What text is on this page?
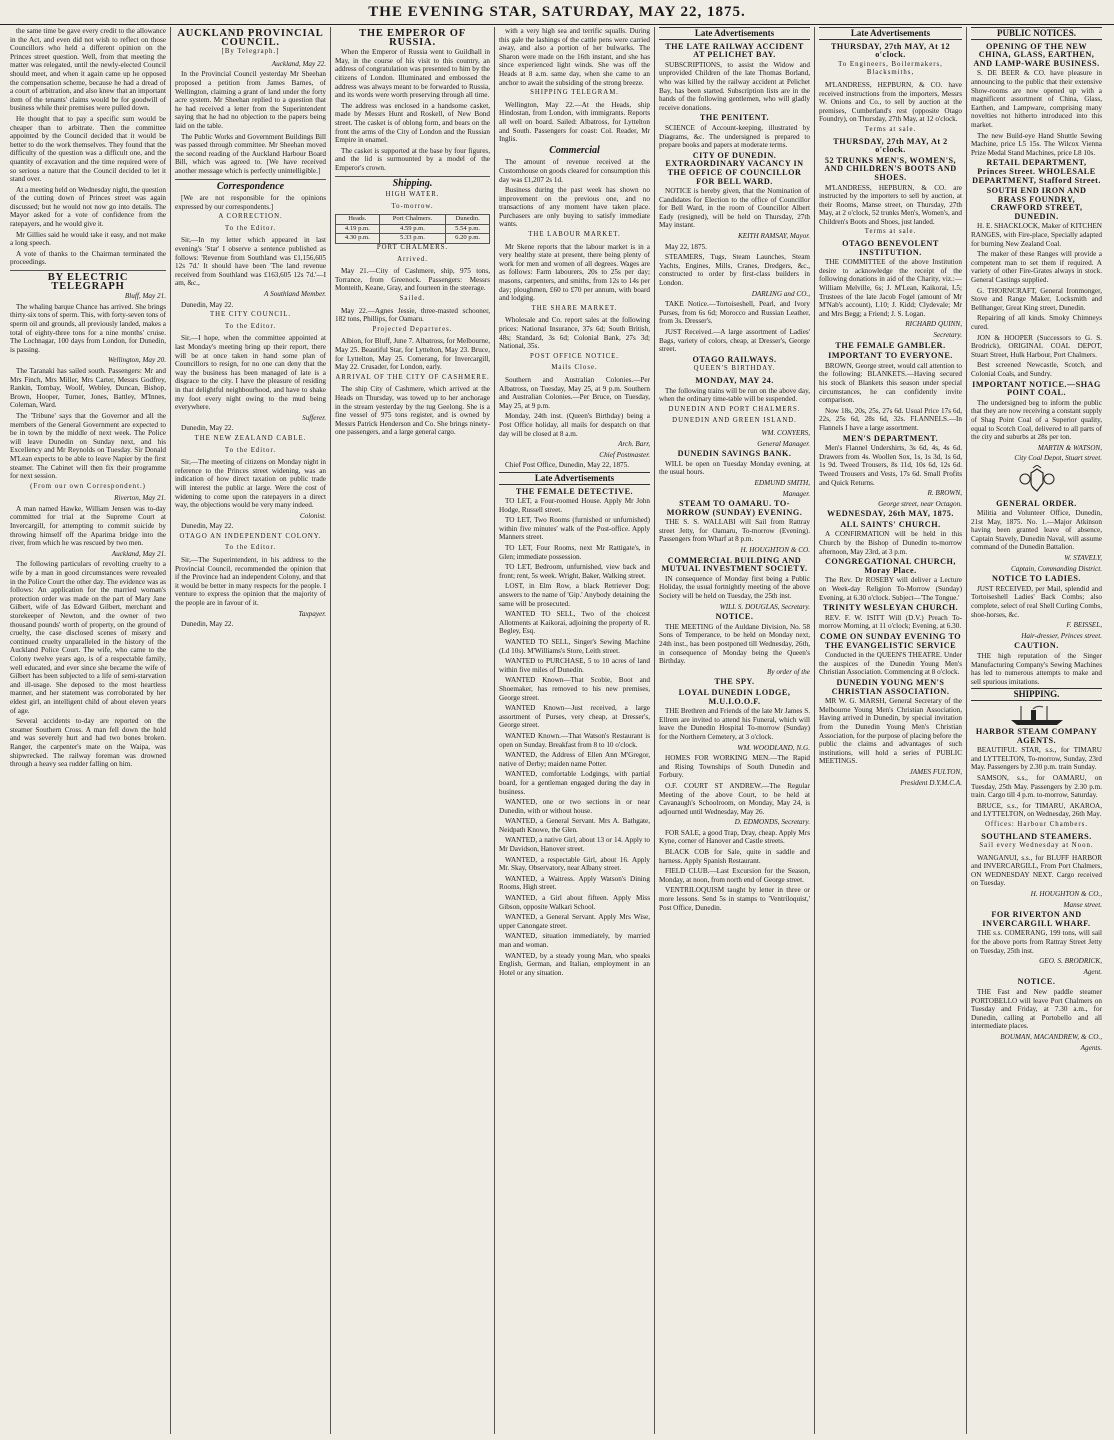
THE EVENING STAR, SATURDAY, MAY 22, 1875.

the same time be gave every credit to the allowance in the Act, and even did not wish to reflect on those Councillors who held a different opinion on the Princes street question. Well, from that meeting the matter was relegated, until the newly-elected Council should meet, and when it again came up he opposed the compensation scheme, because he had a dread of a court of arbitration, and also knew that an important item of the tenants' claims would be for goodwill of business while their premises were pulled down.

He thought that to pay a specific sum would be cheaper than to arbitrate. Then the committee appointed by the Council decided that it would be better to do the work themselves. They found that the difficulty of the question was a difficult one, and the quantity of excavation and the time required were of so serious a nature that the Council decided to let it stand over.

At a meeting held on Wednesday night, the question of the cutting down of Princes street was again discussed; but he would not now go into details. The Mayor asked for a vote of confidence from the ratepayers, and he would give it.

Mr Gillies said he would take it easy, and not make a long speech.

A vote of thanks to the Chairman terminated the proceedings.

BY ELECTRIC TELEGRAPH

Bluff, May 21.

The whaling barque Chance has arrived. She brings thirty-six tons of sperm. This, with forty-seven tons of sperm oil and grounds, all previously landed, makes a total of eighty-three tons for a nine months' cruise. The Lochnagar, 100 days from London, for Dunedin, is passing.

Wellington, May 20.

The Taranaki has sailed south. Passengers: Mr and Mrs Finch, Mrs Miller, Mrs Carter, Messrs Godfrey, Rankin, Tombay, Woolf, Webley, Duncan, Bishop, Brown, Hooper, Turner, Jones, Battley, M'Innes, Coleman, Ward.

The 'Tribune' says that the Governor and all the members of the General Government are expected to be in town by the middle of next week. The Police will leave Dunedin on Sunday next, and his Excellency and Mr Reynolds on Tuesday. Sir Donald M'Lean expects to be able to leave Napier by the first steamer. The Cabinet will then fix their programme for next session.

(From our own Correspondent.)

Riverton, May 21.

A man named Hawke, William Jensen was to-day committed for trial at the Supreme Court at Invercargill, for attempting to commit suicide by throwing himself off the Aparima bridge into the river, from which he was rescued by two men.

Auckland, May 21.

The following particulars of revolting cruelty to a wife by a man in good circumstances were revealed in the Police Court the other day. The evidence was as follows: An application for the married woman's protection order was made on the part of Mary Jane Gilbert, wife of Jas Edward Gilbert, merchant and storekeeper of Newton, and the owner of two thousand pounds' worth of property, on the ground of cruelty, the case disclosed scenes of misery and continued cruelty unparalleled in the history of the Auckland Police Court. The wife, who came to the Colony twelve years ago, is of a respectable family, well educated, and ever since she became the wife of Gilbert has been subjected to a life of semi-starvation and ill-usage. She deposed to the most heartless manner, and her statement was corroborated by her eldest girl, an intelligent child of about eleven years of age.

Several accidents to-day are reported on the steamer Southern Cross. A man fell down the hold and was severely hurt and had two bones broken. Ranger, the carpenter's mate on the Waipa, was shipwrecked. The railway foreman was drowned through a heavy sea rudder falling on him.

AUCKLAND PROVINCIAL COUNCIL.
[By Telegraph.]

Auckland, May 22.

In the Provincial Council yesterday Mr Sheehan proposed a petition from James Barnes, of Wellington, claiming a grant of land under the forty acre system. Mr Sheehan replied to a question that he had received a letter from the Superintendent saying that he had no objection to the papers being laid on the table.

The Public Works and Government Buildings Bill was passed through committee. Mr Sheehan moved the second reading of the Auckland Harbour Board Bill, which was agreed to. [We have received another message which is perfectly unintelligible.]

Correspondence

[We are not responsible for the opinions expressed by our correspondents.]

A CORRECTION.
To the Editor.

Sir,—In my letter which appeared in last evening's 'Star' I observe a sentence published as follows: 'Revenue from Southland was £1,156,605 12s 7d.' It should have been 'The land revenue received from Southland was £163,605 12s 7d.'—I am, &c.,

A Southland Member.

Dunedin, May 22.

THE CITY COUNCIL.
To the Editor.

Sir,—I hope, when the committee appointed at last Monday's meeting bring up their report, there will be at once taken in hand some plan of Councillors to resign, for no one can deny that the way the business has been managed of late is a disgrace to the city. I have the pleasure of residing in that delightful neighbourhood, and have to shake my foot every night owing to the mud being everywhere.

Sufferer.

Dunedin, May 22.

THE NEW ZEALAND CABLE.
To the Editor.

Sir,—The meeting of citizens on Monday night in reference to the Princes street widening, was an indication of how direct taxation on public trade will interest the public at large. Were the cost of widening to come upon the ratepayers in a direct way, the objections would be very many indeed.

Colonist.

Dunedin, May 22.

OTAGO AN INDEPENDENT COLONY.
To the Editor.

Sir,—The Superintendent, in his address to the Provincial Council, recommended the opinion that if the Province had an independent Colony, and that it would be better in many respects for the people. I venture to express the opinion that the majority of the people are in favour of it.

Taxpayer.

Dunedin, May 22.

THE EMPEROR OF RUSSIA.

When the Emperor of Russia went to Guildhall in May, in the course of his visit to this country, an address of congratulation was presented to him by the citizens of London. Illuminated and embossed the address was always meant to be forwarded to Russia, and its words were worth preserving through all time.

The address was enclosed in a handsome casket, made by Messrs Hunt and Roskell, of New Bond street. The casket is of oblong form, and bears on the front the arms of the City of London and the Russian Empire in enamel.

The casket is supported at the base by four figures, and the lid is surmounted by a model of the Emperor's crown.

Shipping.
HIGH WATER.
To-morrow.
Heads.	Port Chalmers.	Dunedin.
4.19 p.m.	4.59 p.m.	5.54 p.m.
4.30 p.m.	5.33 p.m.	6.20 p.m.
PORT CHALMERS.
Arrived.

May 21.—City of Cashmere, ship, 975 tons, Torrance, from Greenock. Passengers: Messrs Monteith, Keane, Gray, and fourteen in the steerage.

Sailed.

May 22.—Agnes Jessie, three-masted schooner, 182 tons, Phillips, for Oamaru.

Projected Departures.

Albion, for Bluff, June 7. Albatross, for Melbourne, May 25. Beautiful Star, for Lyttelton, May 23. Bruce, for Lyttelton, May 25. Comerang, for Invercargill, May 22. Crusader, for London, early.

ARRIVAL OF THE CITY OF CASHMERE.

The ship City of Cashmere, which arrived at the Heads on Thursday, was towed up to her anchorage in the stream yesterday by the tug Geelong. She is a fine vessel of 975 tons register, and is owned by Messrs Patrick Henderson and Co. She brings ninety-one passengers, and a large general cargo.

with a very high sea and terrific squalls. During this gale the lashings of the cattle pens were carried away, and also a portion of her bulwarks. The Sharon were made on the 16th instant, and she has since experienced light winds. She was off the Heads at 8 a.m. same day, when she came to an anchor to await the subsiding of the strong breeze.

SHIPPING TELEGRAM.

Wellington, May 22.—At the Heads, ship Hindostan, from London, with immigrants. Reports all well on board. Sailed: Albatross, for Lyttelton and South. Passengers for coast: Col. Reader, Mr Inglis.

Commercial

The amount of revenue received at the Customhouse on goods cleared for consumption this day was £1,207 2s 1d.

Business during the past week has shown no improvement on the previous one, and no transactions of any moment have taken place. Purchasers are only buying to satisfy immediate wants.

THE LABOUR MARKET.

Mr Skene reports that the labour market is in a very healthy state at present, there being plenty of work for men and women of all degrees. Wages are as follows: Farm labourers, 20s to 25s per day; masons, carpenters, and smiths, from 12s to 14s per day; ploughmen, £60 to £70 per annum, with board and lodging.

THE SHARE MARKET.

Wholesale and Co. report sales at the following prices: National Insurance, 37s 6d; South British, 48s; Standard, 3s 6d; Colonial Bank, 27s 3d; National, 35s.

POST OFFICE NOTICE.
Mails Close.

Southern and Australian Colonies.—Per Albatross, on Tuesday, May 25, at 9 p.m. Southern and Australian Colonies.—Per Bruce, on Tuesday, May 25, at 9 p.m.

Monday, 24th inst. (Queen's Birthday) being a Post Office holiday, all mails for despatch on that day will be closed at 8 a.m.

Arch. Barr,

Chief Postmaster.

Chief Post Office, Dunedin, May 22, 1875.

Late Advertisements
THE FEMALE DETECTIVE.

TO LET, a Four-roomed House. Apply Mr John Hodge, Russell street.

TO LET, Two Rooms (furnished or unfurnished) within five minutes' walk of the Post-office. Apply Manners street.

TO LET, Four Rooms, next Mr Rattigate's, in Glen; immediate possession.

TO LET, Bedroom, unfurnished, view back and front; rent, 5s week. Wright, Baker, Walking street.

LOST, in Elm Row, a black Retriever Dog; answers to the name of 'Gip.' Anybody detaining the same will be prosecuted.

WANTED TO SELL, Two of the choicest Allotments at Kaikorai, adjoining the property of R. Begley, Esq.

WANTED TO SELL, Singer's Sewing Machine (Ld 10s). M'Williams's Store, Leith street.

WANTED to PURCHASE, 5 to 10 acres of land within five miles of Dunedin.

WANTED Known—That Scobie, Boot and Shoemaker, has removed to his new premises, George street.

WANTED Known—Just received, a large assortment of Purses, very cheap, at Dresser's, George street.

WANTED Known.—That Watson's Restaurant is open on Sunday. Breakfast from 8 to 10 o'clock.

WANTED, the Address of Ellen Ann M'Gregor, native of Derby; maiden name Potter.

WANTED, comfortable Lodgings, with partial board, for a gentleman engaged during the day in business.

WANTED, one or two sections in or near Dunedin, with or without house.

WANTED, a General Servant. Mrs A. Bathgate, Neidpath Knowe, the Glen.

WANTED, a native Girl, about 13 or 14. Apply to Mr Davidson, Hanover street.

WANTED, a respectable Girl, about 16. Apply Mr. Skay, Observatory, near Albany street.

WANTED, a Waitress. Apply Watson's Dining Rooms, High street.

WANTED, a Girl about fifteen. Apply Miss Gibson, opposite Walkari School.

WANTED, a General Servant. Apply Mrs Wise, upper Canongate street.

WANTED, situation immediately, by married man and woman.

WANTED, by a steady young Man, who speaks English, German, and Italian, employment in an Hotel or any situation.

Late Advertisements
THE LATE RAILWAY ACCIDENT AT PELICHET BAY.

SUBSCRIPTIONS, to assist the Widow and unprovided Children of the late Thomas Borland, who was killed by the railway accident at Pelichet Bay, has been started. Subscription lists are in the hands of the following gentlemen, who will gladly receive donations.

THE PENITENT.

SCIENCE of Account-keeping, illustrated by Diagrams, &c. The undersigned is prepared to prepare books and papers at moderate terms.

CITY OF DUNEDIN. EXTRAORDINARY VACANCY IN THE OFFICE OF COUNCILLOR FOR BELL WARD.

NOTICE is hereby given, that the Nomination of Candidates for Election to the office of Councillor for Bell Ward, in the room of Councillor Albert Eady (resigned), will be held on Thursday, 27th May instant.

KEITH RAMSAY, Mayor.

May 22, 1875.

STEAMERS, Tugs, Steam Launches, Steam Yachts, Engines, Mills, Cranes, Dredgers, &c., constructed to order by first-class builders in London.

DARLING and CO.,

TAKE Notice.—Tortoiseshell, Pearl, and Ivory Purses, from 6s 6d; Morocco and Russian Leather, from 3s. Dresser's.

JUST Received.—A large assortment of Ladies' Bags, variety of colors, cheap, at Dresser's, George street.

OTAGO RAILWAYS.
QUEEN'S BIRTHDAY.
MONDAY, MAY 24.

The following trains will be run on the above day, when the ordinary time-table will be suspended.

DUNEDIN AND PORT CHALMERS.
DUNEDIN AND GREEN ISLAND.

WM. CONYERS,

General Manager.

DUNEDIN SAVINGS BANK.

WILL be open on Tuesday Monday evening, at the usual hours.

EDMUND SMITH,

Manager.

STEAM TO OAMARU. TO-MORROW (SUNDAY) EVENING.

THE S. S. WALLABI will Sail from Rattray street Jetty, for Oamaru, To-morrow (Evening). Passengers from Wharf at 8 p.m.

H. HOUGHTON & CO.

COMMERCIAL BUILDING AND MUTUAL INVESTMENT SOCIETY.

IN consequence of Monday first being a Public Holiday, the usual fortnightly meeting of the above Society will be held on Tuesday, the 25th inst.

WILL S. DOUGLAS, Secretary.

NOTICE.

THE MEETING of the Auldane Division, No. 58 Sons of Temperance, to be held on Monday next, 24th inst., has been postponed till Wednesday, 26th, in consequence of Monday being the Queen's Birthday.

By order of the

THE SPY.
LOYAL DUNEDIN LODGE, M.U.I.O.O.F.

THE Brethren and Friends of the late Mr James S. Ellrem are invited to attend his Funeral, which will leave the Dunedin Hospital To-morrow (Sunday) for the Northern Cemetery, at 3 o'clock.

WM. WOODLAND, N.G.

HOMES FOR WORKING MEN.—The Rapid and Rising Townships of South Dunedin and Forbury.

O.F. COURT ST ANDREW.—The Regular Meeting of the above Court, to be held at Cavanaugh's Schoolroom, on Monday, May 24, is adjourned until Wednesday, May 26.

D. EDMONDS, Secretary.

FOR SALE, a good Trap, Dray, cheap. Apply Mrs Kyne, corner of Hanover and Castle streets.

BLACK COB for Sale, quite in saddle and harness. Apply Spanish Restaurant.

FIELD CLUB.—Last Excursion for the Season, Monday, at noon, from north end of George street.

VENTRILOQUISM taught by letter in three or more lessons. Send 5s in stamps to 'Ventriloquist,' Post Office, Dunedin.

Late Advertisements
THURSDAY, 27th MAY, At 12 o'clock.
To Engineers, Boilermakers, Blacksmiths,

M'LANDRESS, HEPBURN, & CO. have received instructions from the importers, Messrs W. Onions and Co., to sell by auction at the premises, Cumberland's rest (opposite Otago Foundry), on Thursday, 27th May, at 12 o'clock.

Terms at sale.
THURSDAY, 27th MAY, At 2 o'clock.
52 TRUNKS MEN'S, WOMEN'S, AND CHILDREN'S BOOTS AND SHOES.

M'LANDRESS, HEPBURN, & CO. are instructed by the importers to sell by auction, at their Rooms, Manse street, on Thursday, 27th May, at 2 o'clock, 52 trunks Men's, Women's, and Children's Boots and Shoes, just landed.

Terms at sale.
OTAGO BENEVOLENT INSTITUTION.

THE COMMITTEE of the above Institution desire to acknowledge the receipt of the following donations in aid of the Charity, viz.:— William Melville, 6s; J. M'Lean, Kaikorai, L5; Trustees of the late Jacob Fogel (amount of Mr M'Nab's account), L10; J. Kidd; Clydevale; Mr and Mrs Begg; a Friend; J. S. Logan.

RICHARD QUINN,

Secretary.

THE FEMALE GAMBLER.
IMPORTANT TO EVERYONE.

BROWN, George street, would call attention to the following: BLANKETS.—Having secured his stock of Blankets this season under special circumstances, he can confidently invite comparison.

Now 18s, 20s, 25s, 27s 6d. Usual Price 17s 6d, 22s, 25s 6d, 28s 6d, 32s. FLANNELS.—In Flannels I have a large assortment.

MEN'S DEPARTMENT.

Men's Flannel Undershirts, 3s 6d, 4s, 4s 6d. Drawers from 4s. Woollen Sox, 1s, 1s 3d, 1s 6d, 1s 9d. Tweed Trousers, 8s 11d, 10s 6d, 12s 6d. Tweed Trousers and Vests, 17s 6d. Small Profits and Quick Returns.

R. BROWN,

George street, near Octagon.

WEDNESDAY, 26th MAY, 1875.
ALL SAINTS' CHURCH.

A CONFIRMATION will be held in this Church by the Bishop of Dunedin to-morrow afternoon, May 23rd, at 3 p.m.

CONGREGATIONAL CHURCH, Moray Place.

The Rev. Dr ROSEBY will deliver a Lecture on Week-day Religion To-Morrow (Sunday) Evening, at 6.30 o'clock. Subject—'The Tongue.'

TRINITY WESLEYAN CHURCH.

REV. F. W. ISITT Will (D.V.) Preach To-morrow Morning, at 11 o'clock; Evening, at 6.30.

COME ON SUNDAY EVENING TO THE EVANGELISTIC SERVICE

Conducted in the QUEEN'S THEATRE. Under the auspices of the Dunedin Young Men's Christian Association. Commencing at 8 o'clock.

DUNEDIN YOUNG MEN'S CHRISTIAN ASSOCIATION.

MR W. G. MARSH, General Secretary of the Melbourne Young Men's Christian Association, Having arrived in Dunedin, by special invitation from the Dunedin Young Men's Christian Association, for the purpose of placing before the public the claims and advantages of such institutions, will hold a series of PUBLIC MEETINGS.

JAMES FULTON,

President D.Y.M.C.A.

PUBLIC NOTICES.
OPENING OF THE NEW CHINA, GLASS, EARTHEN, AND LAMP-WARE BUSINESS.

S. DE BEER & CO. have pleasure in announcing to the public that their extensive Show-rooms are now opened up with a magnificent assortment of China, Glass, Earthen, and Lampware, comprising many novelties not hitherto introduced into this market.

The new Build-eye Hand Shuttle Sewing Machine, price L5 15s. The Wilcox Vienna Prize Medal Stand Machines, price L8 10s.

RETAIL DEPARTMENT, Princes Street. WHOLESALE DEPARTMENT, Stafford Street.
SOUTH END IRON AND BRASS FOUNDRY, CRAWFORD STREET, DUNEDIN.

H. E. SHACKLOCK, Maker of KITCHEN RANGES, with Fire-place, Specially adapted for burning New Zealand Coal.

The maker of these Ranges will provide a competent man to set them if required. A variety of other Fire-Grates always in stock. General Castings supplied.

G. THORNCRAFT, General Ironmonger, Stove and Range Maker, Locksmith and Bellhanger, Great King street, Dunedin.

Repairing of all kinds. Smoky Chimneys cured.

JON & HOOPER (Successors to G. S. Brodrick), ORIGINAL COAL DEPOT, Stuart Street, Hulk Harbour, Port Chalmers.

Best screened Newcastle, Scotch, and Colonial Coals, and Sundry.

IMPORTANT NOTICE.—SHAG POINT COAL.

The undersigned beg to inform the public that they are now receiving a constant supply of Shag Point Coal of a Superior quality, equal to Scotch Coal, delivered to all parts of the city and suburbs at 28s per ton.

MARTIN & WATSON,

City Coal Depot, Stuart street.

GENERAL ORDER.

Militia and Volunteer Office, Dunedin, 21st May, 1875. No. 1.—Major Atkinson having been granted leave of absence, Captain Stavely, Dunedin Naval, will assume command of the Dunedin Battalion.

W. STAVELY,

Captain, Commanding District.

NOTICE TO LADIES.

JUST RECEIVED, per Mail, splendid and Tortoiseshell Ladies' Back Combs; also complete, select of real Shell Curling Combs, shoe-horses, &c.

F. BEISSEL,

Hair-dresser, Princes street.

CAUTION.

THE high reputation of the Singer Manufacturing Company's Sewing Machines has led to numerous attempts to make and sell spurious imitations.

SHIPPING.
HARBOR STEAM COMPANY AGENTS.

BEAUTIFUL STAR, s.s., for TIMARU and LYTTELTON, To-morrow, Sunday, 23rd May. Passengers by 2.30 p.m. train Sunday.

SAMSON, s.s., for OAMARU, on Tuesday, 25th May. Passengers by 2.30 p.m. train. Cargo till 4 p.m. to-morrow, Saturday.

BRUCE, s.s., for TIMARU, AKAROA, and LYTTELTON, on Wednesday, 26th May.

Offices: Harbour Chambers.
SOUTHLAND STEAMERS.
Sail every Wednesday at Noon.

WANGANUI, s.s., for BLUFF HARBOR and INVERCARGILL, From Port Chalmers, ON WEDNESDAY NEXT. Cargo received on Tuesday.

H. HOUGHTON & CO.,

Manse street.

FOR RIVERTON AND INVERCARGILL WHARF.

THE s.s. COMERANG, 199 tons, will sail for the above ports from Rattray Street Jetty on Tuesday, 25th inst.

GEO. S. BRODRICK,

Agent.

NOTICE.

THE Fast and New paddle steamer PORTOBELLO will leave Port Chalmers on Tuesday and Friday, at 7.30 a.m., for Dunedin, calling at Portobello and all intermediate places.

BOUMAN, MACANDREW, & CO.,

Agents.
